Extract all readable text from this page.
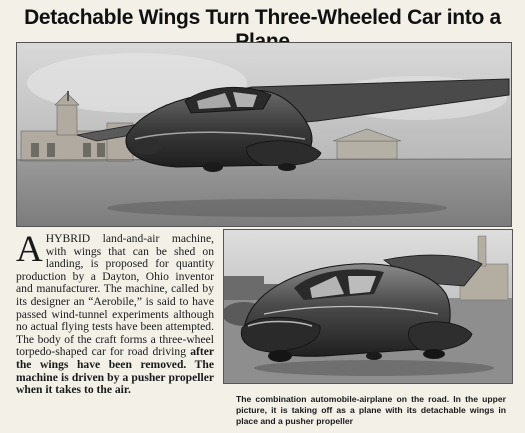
Detachable Wings Turn Three-Wheeled Car into a
AHYBRID land-and-air machine, with wings that can be shed on landing, is proposed for quantity production by a Dayton, Ohio inventor and manufacturer. The machine, called by its designer an “Aerobile,” is said to have passed wind-tunnel experiments although no actual flying tests have been attempted. The body of the craft forms a three-wheel torpedo-shaped car for road driving after the wings have been removed. The machine is driven by a pusher propeller when it takes to the air.
The combination automobile-airplane on the road. In the upper picture, it is taking off as a plane with its detachable wings in place and a pusher propeller
